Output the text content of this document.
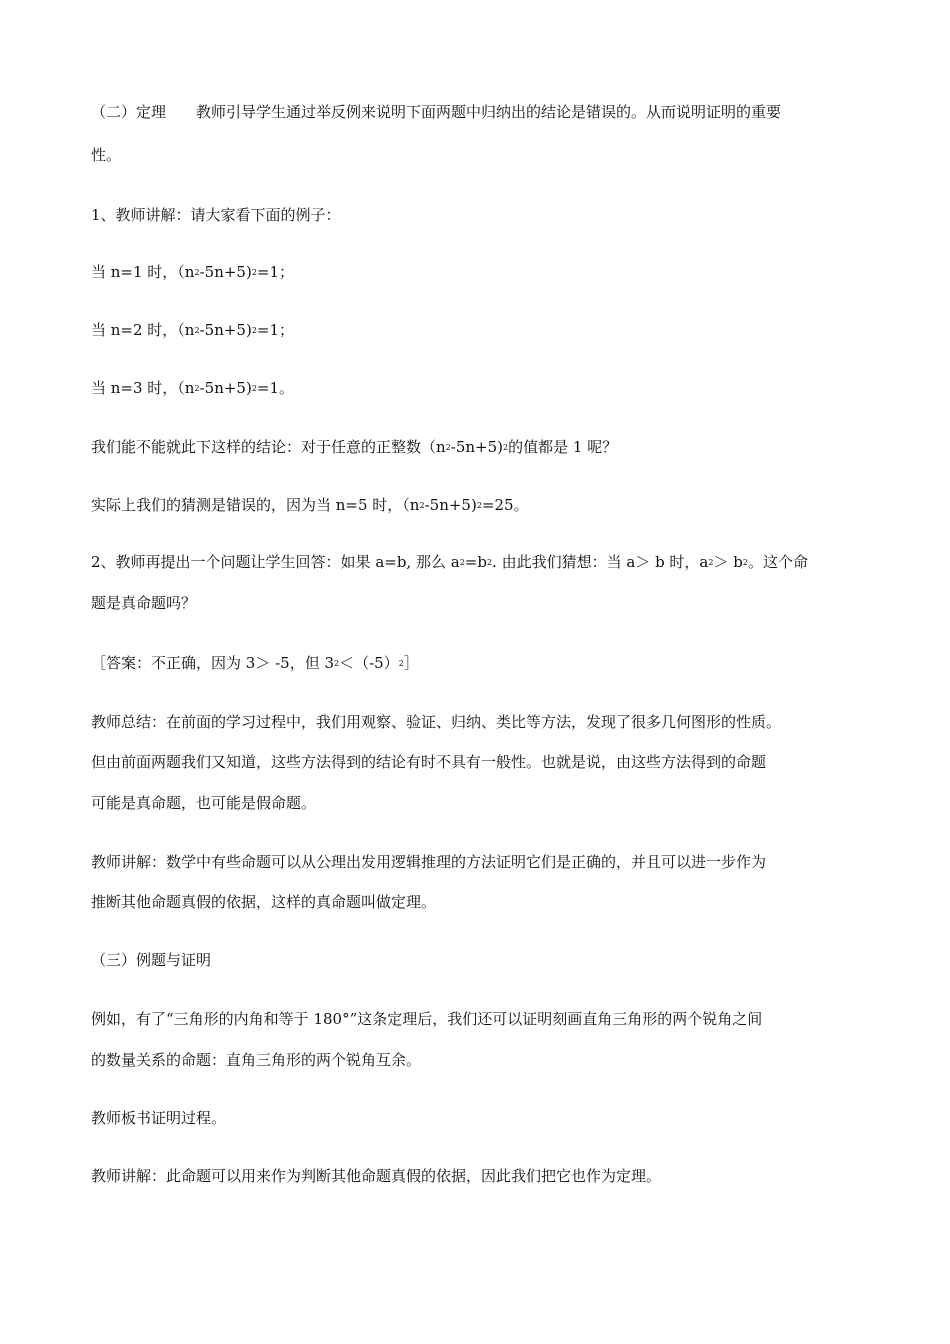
（二）定理 教师引导学生通过举反例来说明下面两题中归纳出的结论是错误的。从而说明证明的重要
性。
1、教师讲解：请大家看下面的例子：
当 n=1 时，$(n^2-5n+5)^2=1$；
当 n=2 时，$(n^2-5n+5)^2=1$；
当 n=3 时，$(n^2-5n+5)^2=1$。
我们能不能就此下这样的结论：对于任意的正整数$(n^2-5n+5)^2$的值都是 1 呢？
实际上我们的猜测是错误的，因为当 n=5 时，$(n^2-5n+5)^2=25$。
2、教师再提出一个问题让学生回答：如果 a=b, 那么 $a^2=b^2$. 由此我们猜想：当 a＞ b 时，$a^2> b^2$。这个命
题是真命题吗？
［答案：不正确，因为 3＞ -5，但 $3^2<(-5)^2]$
教师总结：在前面的学习过程中，我们用观察、验证、归纳、类比等方法，发现了很多几何图形的性质。
但由前面两题我们又知道，这些方法得到的结论有时不具有一般性。也就是说，由这些方法得到的命题
可能是真命题，也可能是假命题。
教师讲解：数学中有些命题可以从公理出发用逻辑推理的方法证明它们是正确的，并且可以进一步作为
推断其他命题真假的依据，这样的真命题叫做定理。
（三）例题与证明
例如，有了“三角形的内角和等于 180°”这条定理后，我们还可以证明刻画直角三角形的两个锐角之间
的数量关系的命题：直角三角形的两个锐角互余。
教师板书证明过程。
教师讲解：此命题可以用来作为判断其他命题真假的依据，因此我们把它也作为定理。
